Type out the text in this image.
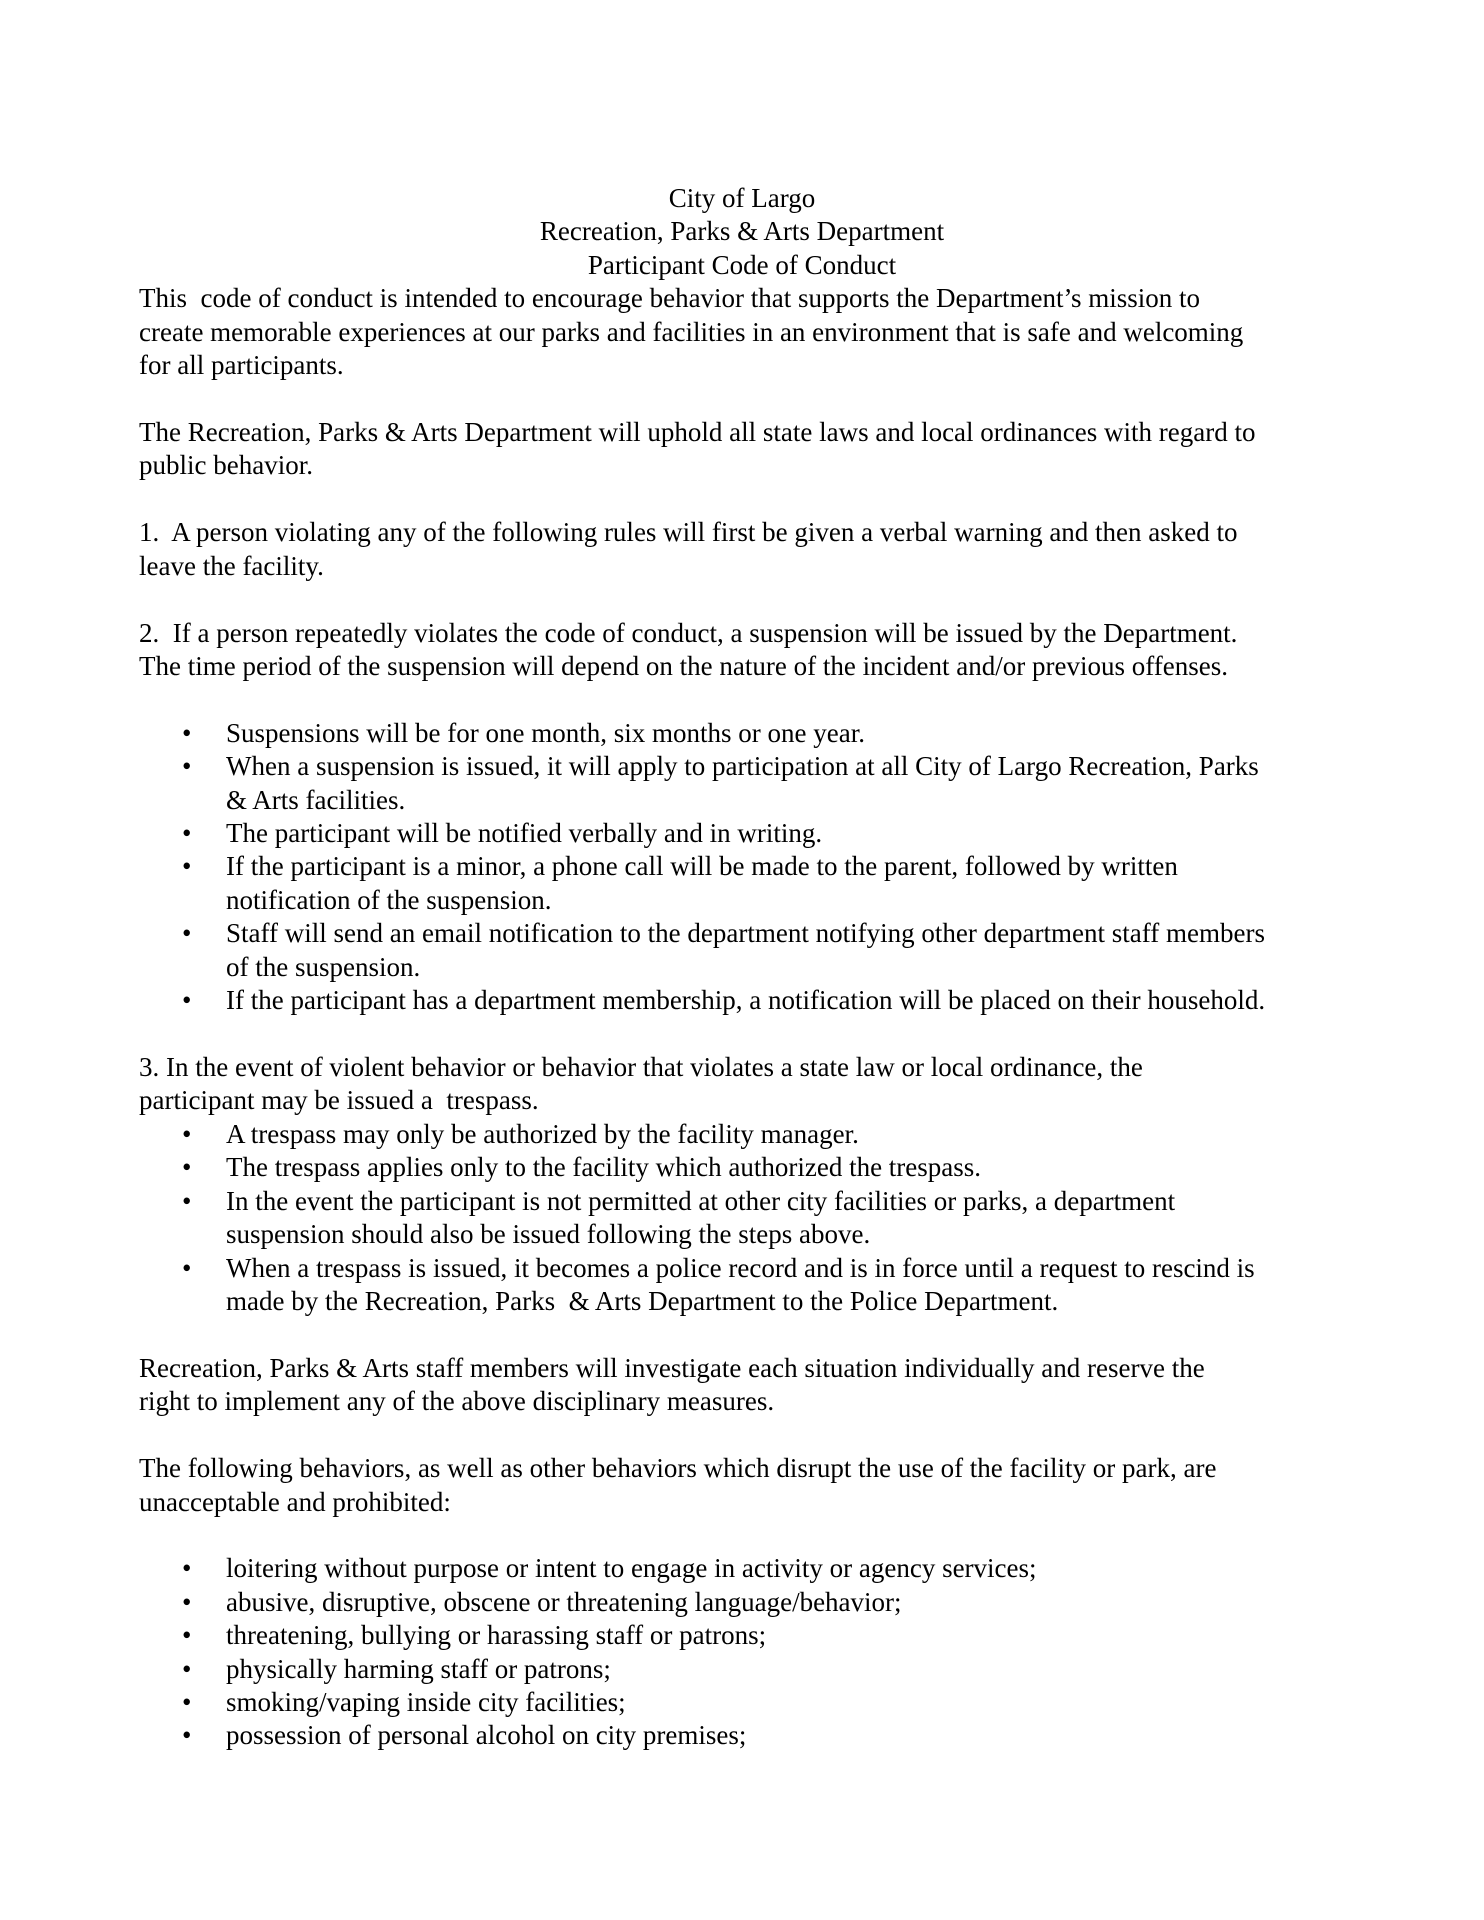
City of Largo
Recreation, Parks & Arts Department
Participant Code of Conduct
This  code of conduct is intended to encourage behavior that supports the Department’s mission to
create memorable experiences at our parks and facilities in an environment that is safe and welcoming
for all participants.
The Recreation, Parks & Arts Department will uphold all state laws and local ordinances with regard to
public behavior.
1.  A person violating any of the following rules will first be given a verbal warning and then asked to
leave the facility.
2.  If a person repeatedly violates the code of conduct, a suspension will be issued by the Department.
The time period of the suspension will depend on the nature of the incident and/or previous offenses.
•	Suspensions will be for one month, six months or one year.
•	When a suspension is issued, it will apply to participation at all City of Largo Recreation, Parks
& Arts facilities.
•	The participant will be notified verbally and in writing.
•	If the participant is a minor, a phone call will be made to the parent, followed by written
notification of the suspension.
•	Staff will send an email notification to the department notifying other department staff members
of the suspension.
•	If the participant has a department membership, a notification will be placed on their household.
3. In the event of violent behavior or behavior that violates a state law or local ordinance, the
participant may be issued a  trespass.
•	A trespass may only be authorized by the facility manager.
•	The trespass applies only to the facility which authorized the trespass.
•	In the event the participant is not permitted at other city facilities or parks, a department
suspension should also be issued following the steps above.
•	When a trespass is issued, it becomes a police record and is in force until a request to rescind is
made by the Recreation, Parks  & Arts Department to the Police Department.
Recreation, Parks & Arts staff members will investigate each situation individually and reserve the
right to implement any of the above disciplinary measures.
The following behaviors, as well as other behaviors which disrupt the use of the facility or park, are
unacceptable and prohibited:
•	loitering without purpose or intent to engage in activity or agency services;
•	abusive, disruptive, obscene or threatening language/behavior;
•	threatening, bullying or harassing staff or patrons;
•	physically harming staff or patrons;
•	smoking/vaping inside city facilities;
•	possession of personal alcohol on city premises;
